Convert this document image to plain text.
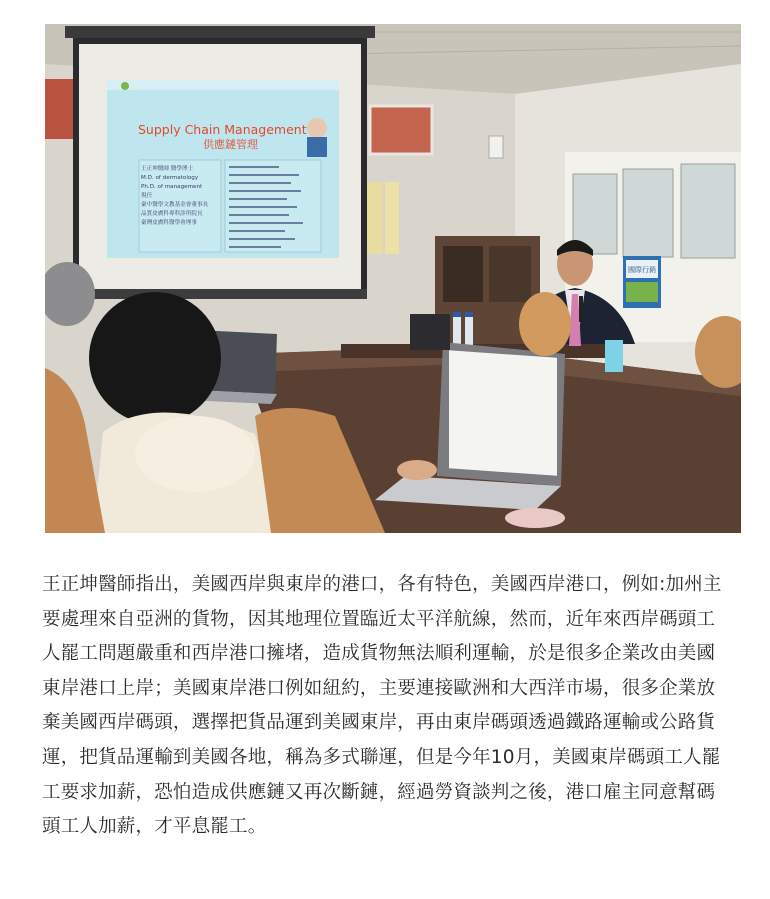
Supply Chain Management
供應鏈管理
王正坤醫師 醫學博士
M.D. of dermatology
Ph.D. of management
現任
臺中醫學文教基金會董事長
品質皮膚科專科診所院長
臺灣皮膚科醫學會理事
國際行銷

王正坤醫師指出，美國西岸與東岸的港口，各有特色，美國西岸港口，例如:加州主要處理來自亞洲的貨物，因其地理位置臨近太平洋航線，然而，近年來西岸碼頭工人罷工問題嚴重和西岸港口擁堵，造成貨物無法順利運輸，於是很多企業改由美國東岸港口上岸；美國東岸港口例如紐約，主要連接歐洲和大西洋市場，很多企業放棄美國西岸碼頭，選擇把貨品運到美國東岸，再由東岸碼頭透過鐵路運輸或公路貨運，把貨品運輸到美國各地，稱為多式聯運，但是今年10月，美國東岸碼頭工人罷工要求加薪，恐怕造成供應鏈又再次斷鏈，經過勞資談判之後，港口雇主同意幫碼頭工人加薪，才平息罷工。
